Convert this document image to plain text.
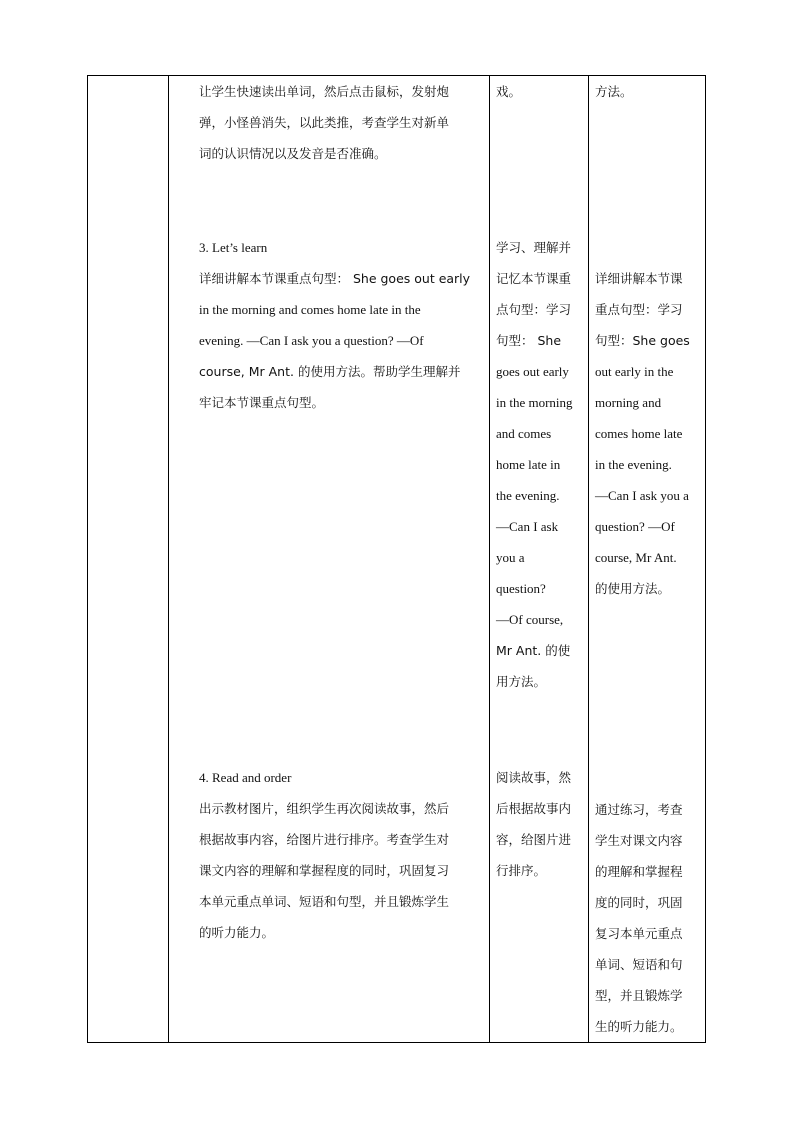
让学生快速读出单词，然后点击鼠标，发射炮
弹，小怪兽消失，以此类推，考查学生对新单
词的认识情况以及发音是否准确。
3. Let’s learn
详细讲解本节课重点句型： She goes out early
in the morning and comes home late in the
evening. —Can I ask you a question? —Of
course, Mr Ant. 的使用方法。帮助学生理解并
牢记本节课重点句型。
4. Read and order
出示教材图片，组织学生再次阅读故事，然后
根据故事内容，给图片进行排序。考查学生对
课文内容的理解和掌握程度的同时，巩固复习
本单元重点单词、短语和句型，并且锻炼学生
的听力能力。
戏。
学习、理解并
记忆本节课重
点句型：学习
句型： She
goes out early
in the morning
and comes
home late in
the evening.
—Can I ask
you a
question?
—Of course,
Mr Ant. 的使
用方法。
阅读故事，然
后根据故事内
容，给图片进
行排序。
方法。
详细讲解本节课
重点句型：学习
句型：She goes
out early in the
morning and
comes home late
in the evening.
—Can I ask you a
question? —Of
course, Mr Ant.
的使用方法。
通过练习，考查
学生对课文内容
的理解和掌握程
度的同时，巩固
复习本单元重点
单词、短语和句
型，并且锻炼学
生的听力能力。
